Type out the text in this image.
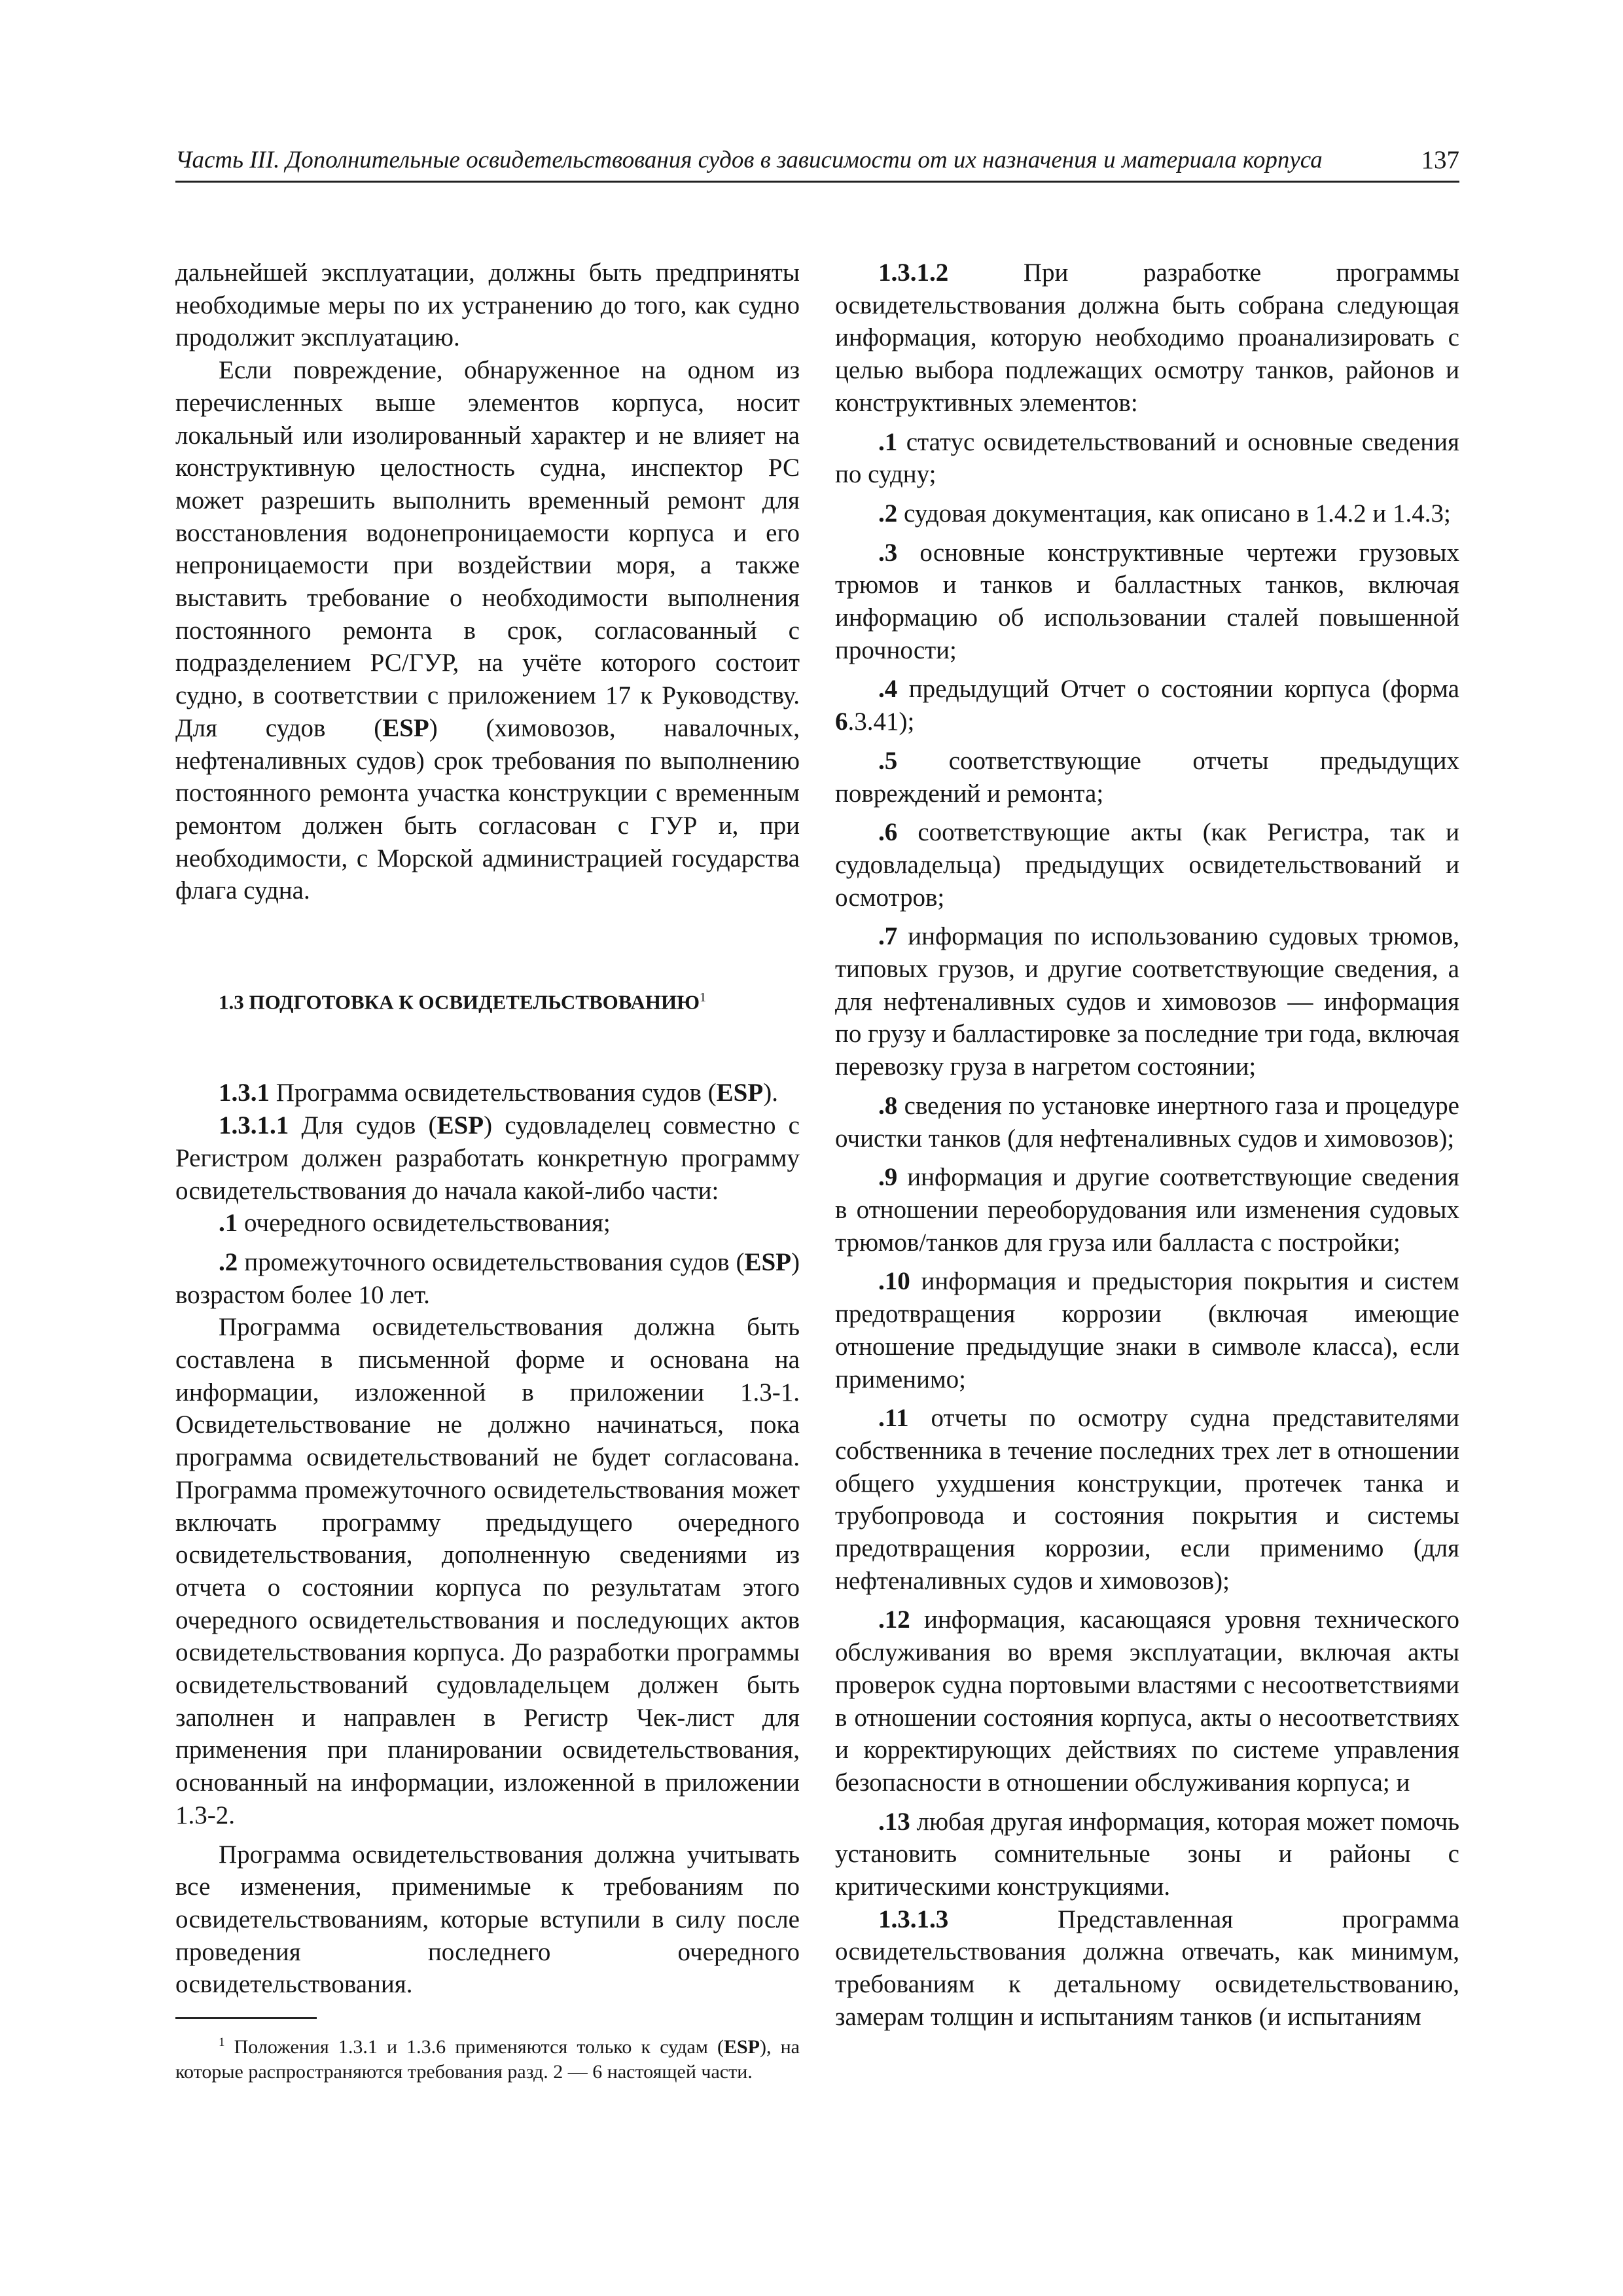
Часть III. Дополнительные освидетельствования судов в зависимости от их назначения и материала корпуса	137

дальнейшей эксплуатации, должны быть предприняты необходимые меры по их устранению до того, как судно продолжит эксплуатацию.

Если повреждение, обнаруженное на одном из перечисленных выше элементов корпуса, носит локальный или изолированный характер и не влияет на конструктивную целостность судна, инспектор РС может разрешить выполнить временный ремонт для восстановления водонепроницаемости корпуса и его непроницаемости при воздействии моря, а также выставить требование о необходимости выполнения постоянного ремонта в срок, согласованный с подразделением РС/ГУР, на учёте которого состоит судно, в соответствии с приложением 17 к Руководству. Для судов (ESP) (химовозов, навалочных, нефтеналивных судов) срок требования по выполнению постоянного ремонта участка конструкции с временным ремонтом должен быть согласован с ГУР и, при необходимости, с Морской администрацией государства флага судна.

1.3 ПОДГОТОВКА К ОСВИДЕТЕЛЬСТВОВАНИЮ$^1$

1.3.1 Программа освидетельствования судов (ESP).

1.3.1.1 Для судов (ESP) судовладелец совместно с Регистром должен разработать конкретную программу освидетельствования до начала какой-либо части:

.1 очередного освидетельствования;

.2 промежуточного освидетельствования судов (ESP) возрастом более 10 лет.

Программа освидетельствования должна быть составлена в письменной форме и основана на информации, изложенной в приложении 1.3-1. Освидетельствование не должно начинаться, пока программа освидетельствований не будет согласована. Программа промежуточного освидетельствования может включать программу предыдущего очередного освидетельствования, дополненную сведениями из отчета о состоянии корпуса по результатам этого очередного освидетельствования и последующих актов освидетельствования корпуса. До разработки программы освидетельствований судовладельцем должен быть заполнен и направлен в Регистр Чек-лист для применения при планировании освидетельствования, основанный на информации, изложенной в приложении 1.3-2.

Программа освидетельствования должна учитывать все изменения, применимые к требованиям по освидетельствованиям, которые вступили в силу после проведения последнего очередного освидетельствования.

$^1$ Положения 1.3.1 и 1.3.6 применяются только к судам (ESP), на которые распространяются требования разд. 2 — 6 настоящей части.

1.3.1.2 При разработке программы освидетельствования должна быть собрана следующая информация, которую необходимо проанализировать с целью выбора подлежащих осмотру танков, районов и конструктивных элементов:

.1 статус освидетельствований и основные сведения по судну;

.2 судовая документация, как описано в 1.4.2 и 1.4.3;

.3 основные конструктивные чертежи грузовых трюмов и танков и балластных танков, включая информацию об использовании сталей повышенной прочности;

.4 предыдущий Отчет о состоянии корпуса (форма 6.3.41);

.5 соответствующие отчеты предыдущих повреждений и ремонта;

.6 соответствующие акты (как Регистра, так и судовладельца) предыдущих освидетельствований и осмотров;

.7 информация по использованию судовых трюмов, типовых грузов, и другие соответствующие сведения, а для нефтеналивных судов и химовозов — информация по грузу и балластировке за последние три года, включая перевозку груза в нагретом состоянии;

.8 сведения по установке инертного газа и процедуре очистки танков (для нефтеналивных судов и химовозов);

.9 информация и другие соответствующие сведения в отношении переоборудования или изменения судовых трюмов/танков для груза или балласта с постройки;

.10 информация и предыстория покрытия и систем предотвращения коррозии (включая имеющие отношение предыдущие знаки в символе класса), если применимо;

.11 отчеты по осмотру судна представителями собственника в течение последних трех лет в отношении общего ухудшения конструкции, протечек танка и трубопровода и состояния покрытия и системы предотвращения коррозии, если применимо (для нефтеналивных судов и химовозов);

.12 информация, касающаяся уровня технического обслуживания во время эксплуатации, включая акты проверок судна портовыми властями с несоответствиями в отношении состояния корпуса, акты о несоответствиях и корректирующих действиях по системе управления безопасности в отношении обслуживания корпуса; и

.13 любая другая информация, которая может помочь установить сомнительные зоны и районы с критическими конструкциями.

1.3.1.3 Представленная программа освидетельствования должна отвечать, как минимум, требованиям к детальному освидетельствованию, замерам толщин и испытаниям танков (и испытаниям
